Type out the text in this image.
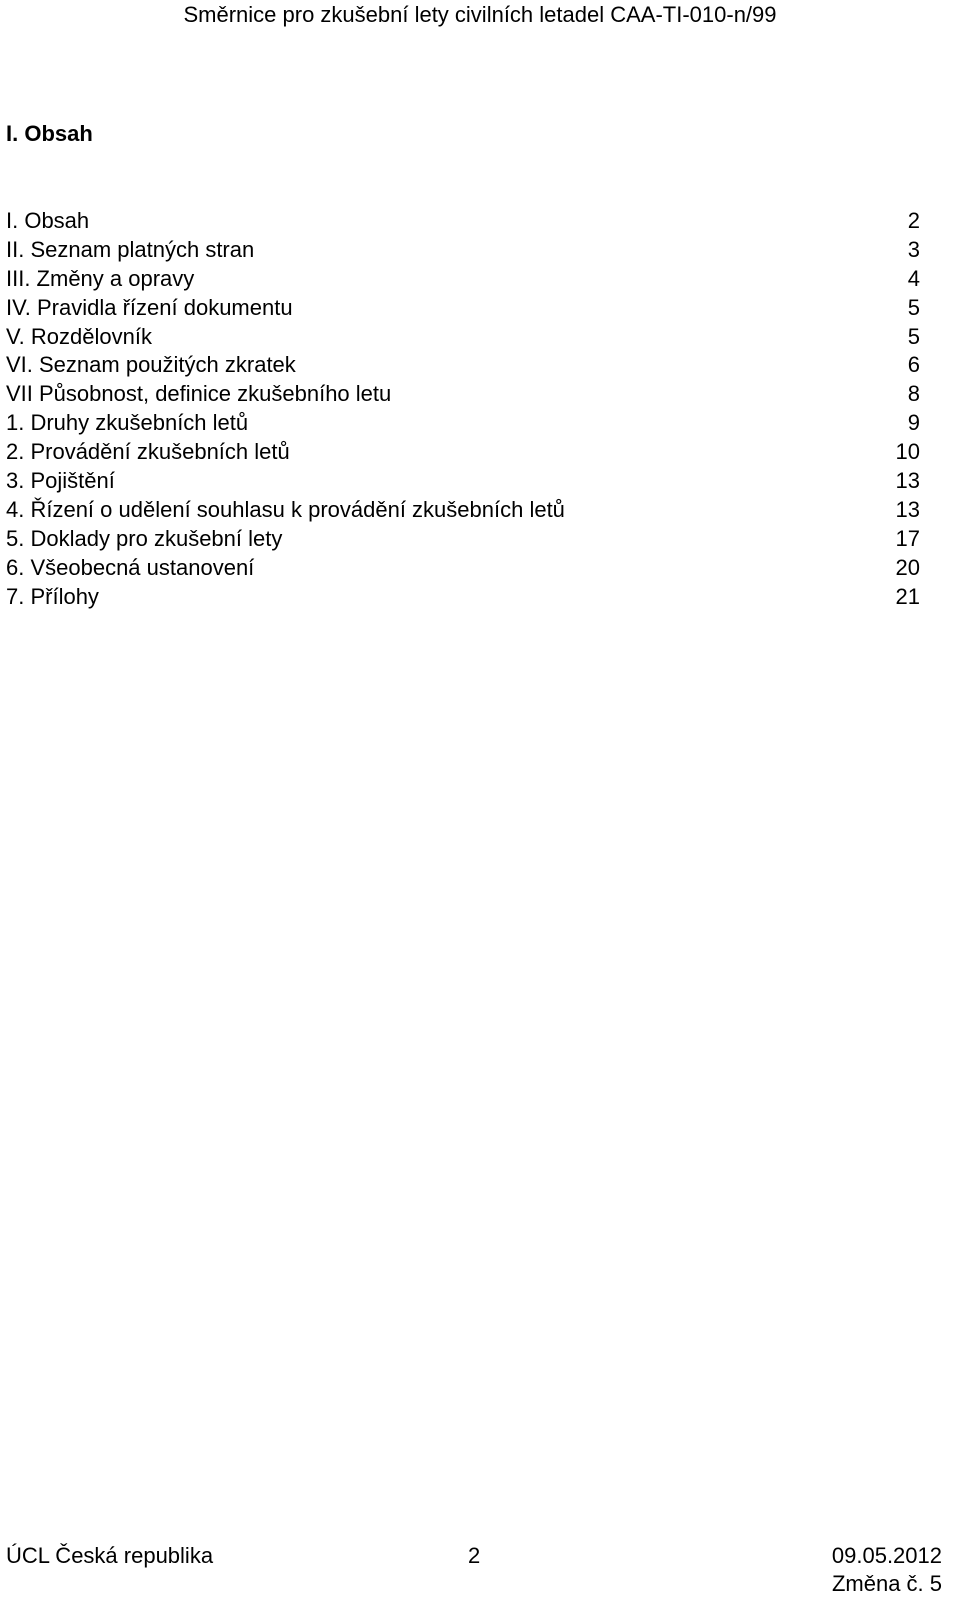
Směrnice pro zkušební lety civilních letadel CAA-TI-010-n/99
I. Obsah
I. Obsah	2
II. Seznam platných stran	3
III. Změny a opravy	4
IV. Pravidla řízení dokumentu	5
V. Rozdělovník	5
VI. Seznam použitých zkratek	6
VII Působnost, definice zkušebního letu	8
1. Druhy zkušebních letů	9
2. Provádění zkušebních letů	10
3. Pojištění	13
4. Řízení o udělení souhlasu k provádění zkušebních letů	13
5. Doklady pro zkušební lety	17
6. Všeobecná ustanovení	20
7. Přílohy	21
ÚCL Česká republika	2	09.05.2012
Změna č. 5
